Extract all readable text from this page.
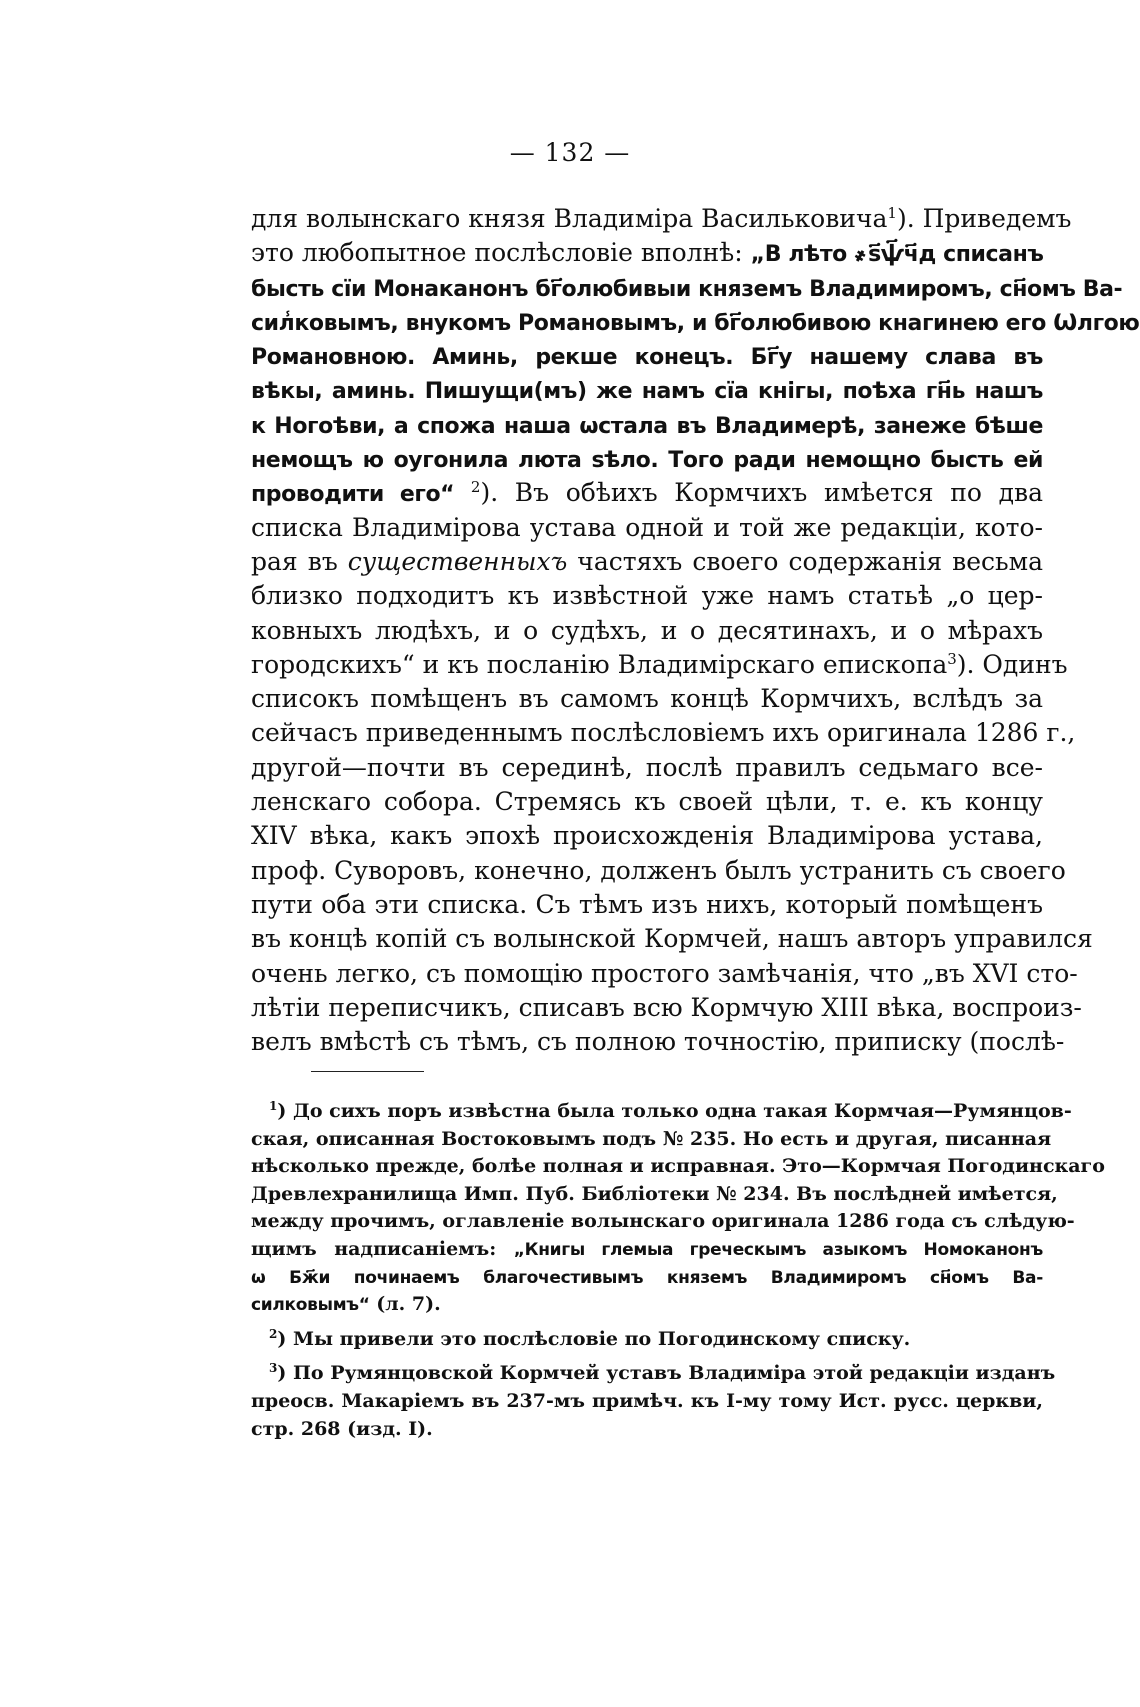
— 132 —
для волынскаго князя Владиміра Васильковича$^1$). Приведемъ
это любопытное послѣсловіе вполнѣ: „В лѣто ҂ѕ҃ѱ҃ч҃д списанъ
бысть сїи Монаканонъ бг҃олюбивыи княземъ Владимиромъ, сн҃омъ Ва-
сил̾ковымъ, внукомъ Романовымъ, и бг҃олюбивою кнагинею его Ѡлгою
Романовною. Аминь, рекше конецъ. Бг҃у нашему слава въ
вѣкы, аминь. Пишущи(мъ) же намъ сїа кнігы, поѣха гн҃ь нашъ
к Ногоѣви, а спожа наша ѡстала въ Владимерѣ, занеже бѣше
немощъ ю оугонила люта ѕѣло. Того ради немощно бысть ей
проводити его“ $^2$). Въ обѣихъ Кормчихъ имѣется по два
списка Владимірова устава одной и той же редакціи, кото-
рая въ существенныхъ частяхъ своего содержанія весьма
близко подходитъ къ извѣстной уже намъ статьѣ „о цер-
ковныхъ людѣхъ, и о судѣхъ, и о десятинахъ, и о мѣрахъ
городскихъ“ и къ посланію Владимірскаго епископа$^3$). Одинъ
списокъ помѣщенъ въ самомъ концѣ Кормчихъ, вслѣдъ за
сейчасъ приведеннымъ послѣсловіемъ ихъ оригинала 1286 г.,
другой—почти въ серединѣ, послѣ правилъ седьмаго все-
ленскаго собора. Стремясь къ своей цѣли, т. е. къ концу
XIV вѣка, какъ эпохѣ происхожденія Владимірова устава,
проф. Суворовъ, конечно, долженъ былъ устранить съ своего
пути оба эти списка. Съ тѣмъ изъ нихъ, который помѣщенъ
въ концѣ копій съ волынской Кормчей, нашъ авторъ управился
очень легко, съ помощію простого замѣчанія, что „въ XVI сто-
лѣтіи переписчикъ, списавъ всю Кормчую XIII вѣка, воспроиз-
велъ вмѣстѣ съ тѣмъ, съ полною точностію, приписку (послѣ-
$^1$) До сихъ поръ извѣстна была только одна такая Кормчая—Румянцов-
ская, описанная Востоковымъ подъ № 235. Но есть и другая, писанная
нѣсколько прежде, болѣе полная и исправная. Это—Кормчая Погодинскаго
Древлехранилища Имп. Пуб. Библіотеки № 234. Въ послѣдней имѣется,
между прочимъ, оглавленіе волынскаго оригинала 1286 года съ слѣдую-
щимъ надписаніемъ: „Книгы глемыа греческымъ азыкомъ Номоканонъ
ѡ Бж҃и починаемъ благочестивымъ княземъ Владимиромъ сн҃омъ Ва-
силковымъ“ (л. 7).
$^2$) Мы привели это послѣсловіе по Погодинскому списку.
$^3$) По Румянцовской Кормчей уставъ Владиміра этой редакціи изданъ
преосв. Макаріемъ въ 237-мъ примѣч. къ I-му тому Ист. русс. церкви,
стр. 268 (изд. I).
